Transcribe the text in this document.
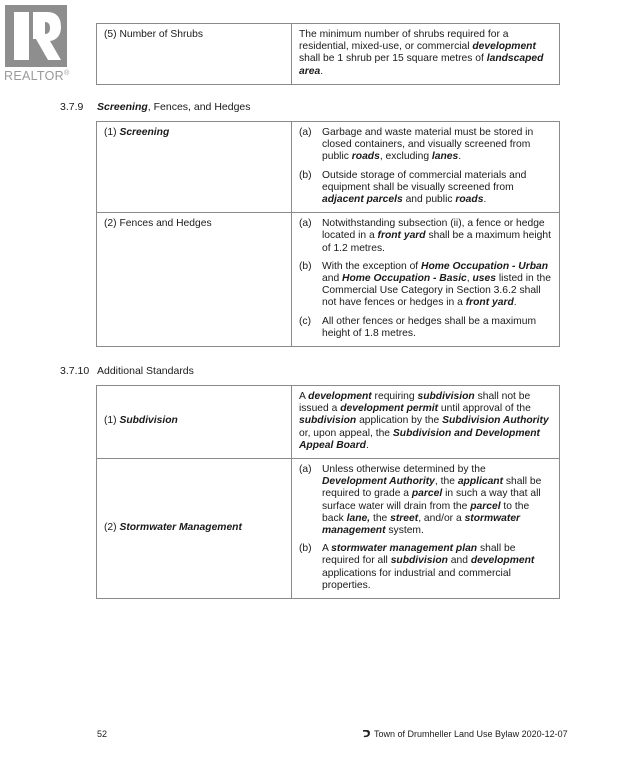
REALTOR®
(5) Number of Shrubs	The minimum number of shrubs required for a residential, mixed-use, or commercial development shall be 1 shrub per 15 square metres of landscaped area.
3.7.9 Screening, Fences, and Hedges
(1) Screening	(a) Garbage and waste material must be stored in closed containers, and visually screened from public roads, excluding lanes.
(b) Outside storage of commercial materials and equipment shall be visually screened from adjacent parcels and public roads.

(2) Fences and Hedges	(a)	Notwithstanding subsection (ii), a fence or hedge located in a front yard shall be a maximum height of 1.2 metres.
(b)	With the exception of Home Occupation - Urban and Home Occupation - Basic, uses listed in the Commercial Use Category in Section 3.6.2 shall not have fences or hedges in a front yard.
(c)	All other fences or hedges shall be a maximum height of 1.8 metres.
3.7.10 Additional Standards
(1) Subdivision	A development requiring subdivision shall not be issued a development permit until approval of the subdivision application by the Subdivision Authority or, upon appeal, the Subdivision and Development Appeal Board.
(2) Stormwater Management	(a) Unless otherwise determined by the Development Authority, the applicant shall be required to grade a parcel in such a way that all surface water will drain from the parcel to the back lane, the street, and/or a stormwater management system.
(b) A stormwater management plan shall be required for all subdivision and development applications for industrial and commercial properties.
52	Town of Drumheller Land Use Bylaw 2020-12-07
